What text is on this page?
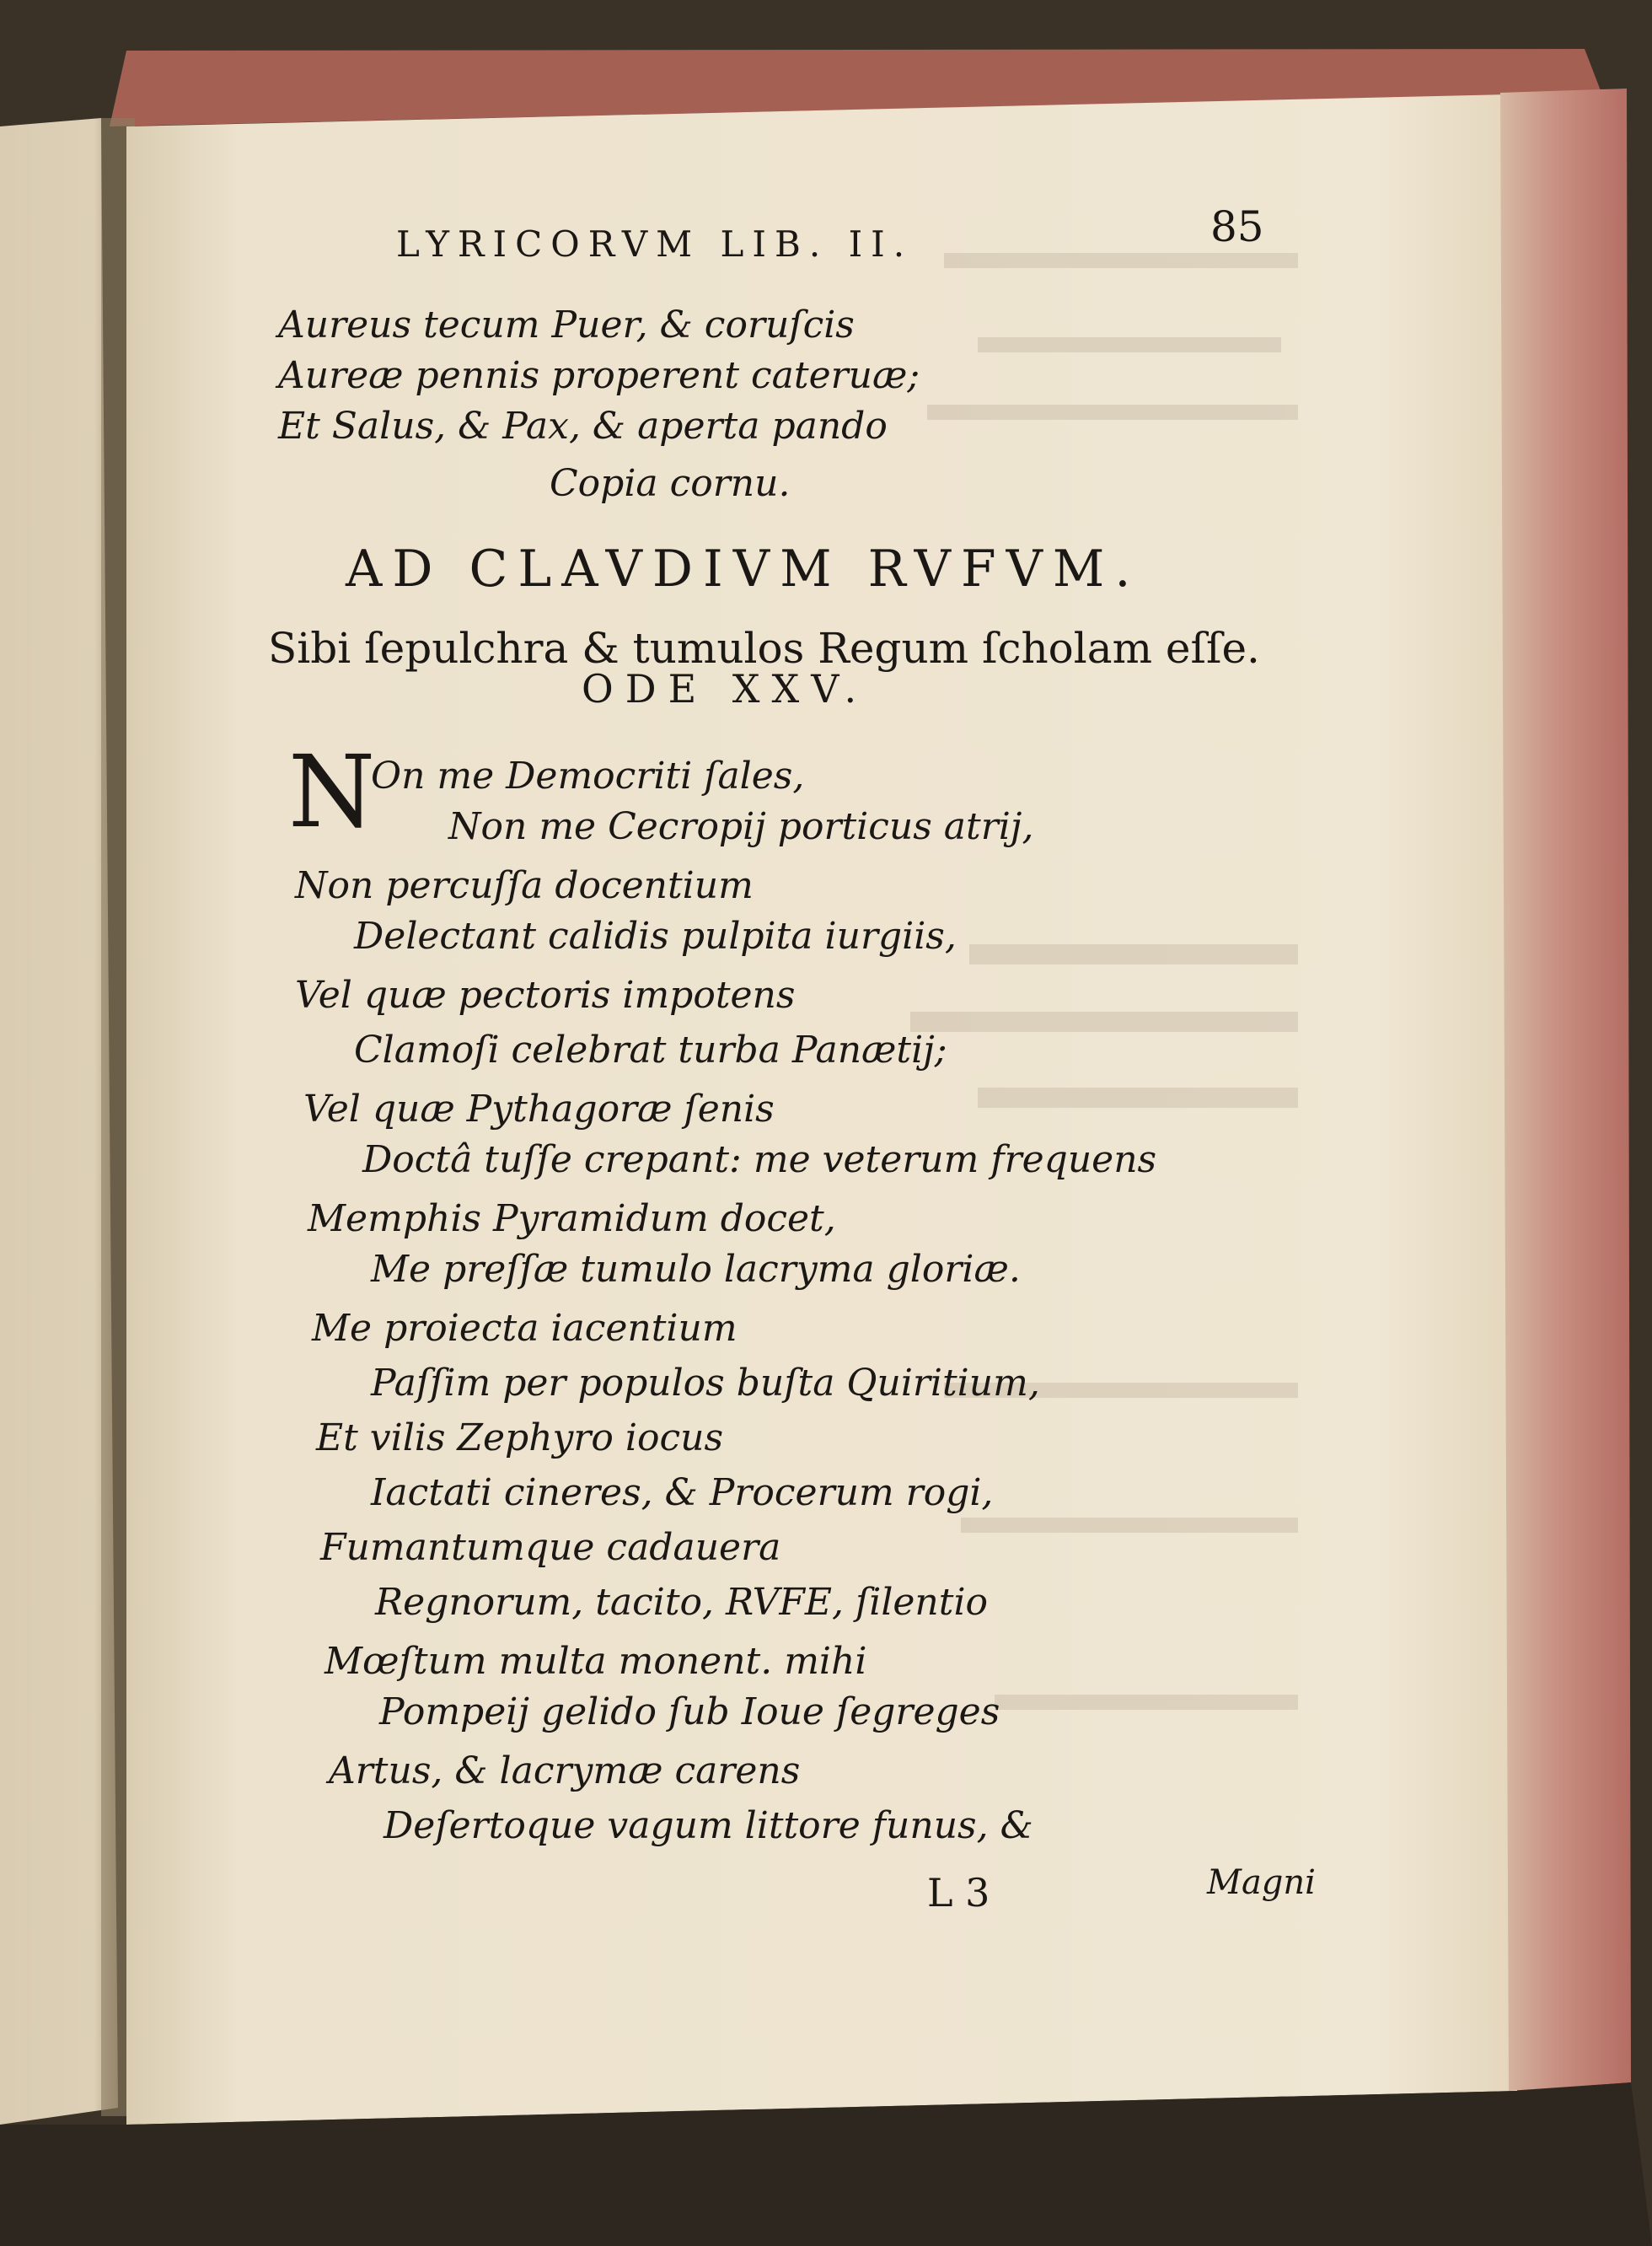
LYRICORVM LIB. II.	85
Aureus tecum Puer, & coruſcis
Aureæ pennis properent cateruæ;
Et Salus, & Pax, & aperta pando
Copia cornu.
AD CLAVDIVM RVFVM.
Sibi ſepulchra & tumulos Regum ſcholam eſſe.
ODE XXV.
N
On me Democriti ſales,
Non me Cecropij porticus atrij,
Non percuſſa docentium
Delectant calidis pulpita iurgiis,
Vel quæ pectoris impotens
Clamoſi celebrat turba Panætij;
Vel quæ Pythagoræ ſenis
Doctâ tuſſe crepant: me veterum frequens
Memphis Pyramidum docet,
Me preſſæ tumulo lacryma gloriæ.
Me proiecta iacentium
Paſſim per populos buſta Quiritium,
Et vilis Zephyro iocus
Iactati cineres, & Procerum rogi,
Fumantumque cadauera
Regnorum, tacito, RVFE, ſilentio
Mœſtum multa monent. mihi
Pompeij gelido ſub Ioue ſegreges
Artus, & lacrymæ carens
Deſertoque vagum littore funus, &
L 3	Magni
